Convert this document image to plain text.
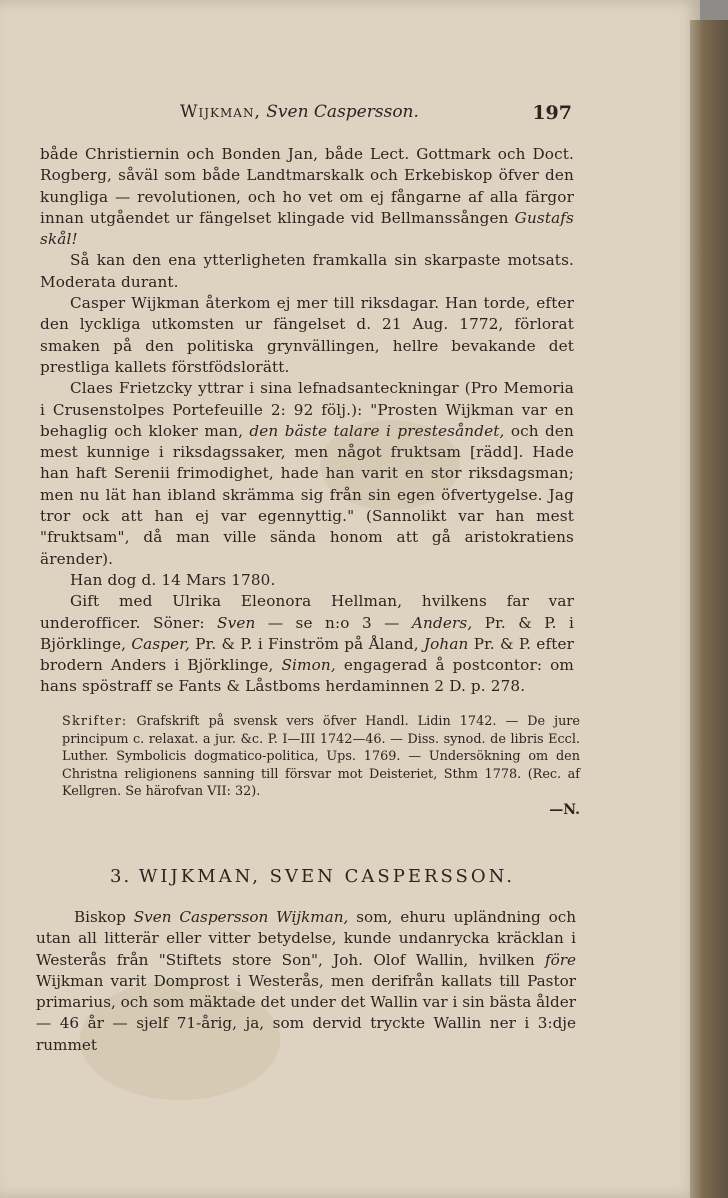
Wijkman, Sven Caspersson.	197

både Christiernin och Bonden Jan, både Lect. Gottmark och Doct. Rogberg, såväl som både Landtmarskalk och Erkebiskop öfver den kungliga — revolutionen, och ho vet om ej fångarne af alla färgor innan utgåendet ur fängelset klingade vid Bellmanssången Gustafs skål!

Så kan den ena ytterligheten framkalla sin skarpaste motsats. Moderata durant.

Casper Wijkman återkom ej mer till riksdagar. Han torde, efter den lyckliga utkomsten ur fängelset d. 21 Aug. 1772, förlorat smaken på den politiska grynvällingen, hellre bevakande det prestliga kallets förstfödslorätt.

Claes Frietzcky yttrar i sina lefnadsanteckningar (Pro Memoria i Crusenstolpes Portefeuille 2: 92 följ.): "Prosten Wijkman var en behaglig och kloker man, den bäste talare i prestesåndet, och den mest kunnige i riksdagssaker, men något fruktsam [rädd]. Hade han haft Serenii frimodighet, hade han varit en stor riksdagsman; men nu lät han ibland skrämma sig från sin egen öfvertygelse. Jag tror ock att han ej var egennyttig." (Sannolikt var han mest "fruktsam", då man ville sända honom att gå aristokratiens ärender).

Han dog d. 14 Mars 1780.

Gift med Ulrika Eleonora Hellman, hvilkens far var underofficer. Söner: Sven — se n:o 3 — Anders, Pr. & P. i Björklinge, Casper, Pr. & P. i Finström på Åland, Johan Pr. & P. efter brodern Anders i Björklinge, Simon, engagerad å postcontor: om hans spöstraff se Fants & Låstboms herdaminnen 2 D. p. 278.

Skrifter: Grafskrift på svensk vers öfver Handl. Lidin 1742. — De jure principum c. relaxat. a jur. &c. P. I—III 1742—46. — Diss. synod. de libris Eccl. Luther. Symbolicis dogmatico-politica, Ups. 1769. — Undersökning om den Christna religionens sanning till försvar mot Deisteriet, Sthm 1778. (Rec. af Kellgren. Se härofvan VII: 32).
—N.
3. WIJKMAN, SVEN CASPERSSON.

Biskop Sven Caspersson Wijkman, som, ehuru upländning och utan all litterär eller vitter betydelse, kunde undanrycka kräcklan i Westerås från "Stiftets store Son", Joh. Olof Wallin, hvilken före Wijkman varit Domprost i Westerås, men derifrån kallats till Pastor primarius, och som mäktade det under det Wallin var i sin bästa ålder — 46 år — sjelf 71-årig, ja, som dervid tryckte Wallin ner i 3:dje rummet
